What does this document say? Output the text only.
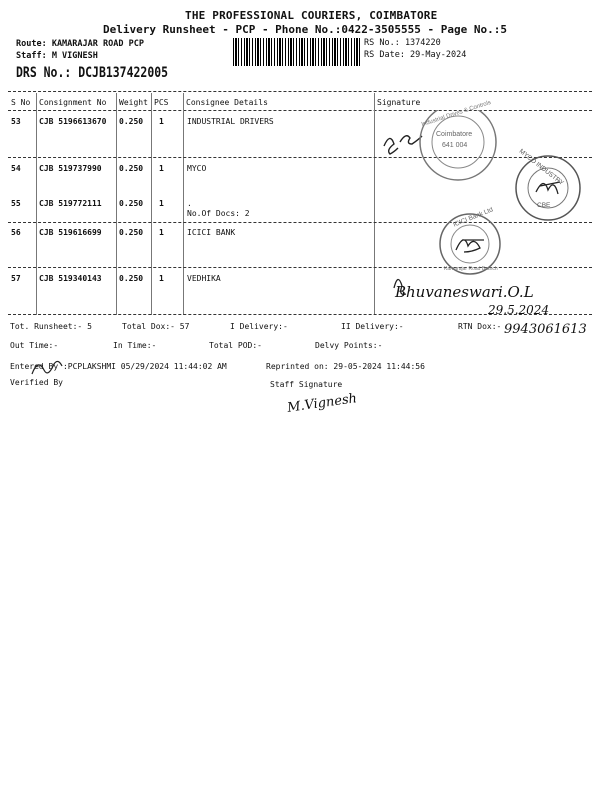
THE PROFESSIONAL COURIERS, COIMBATORE
Delivery Runsheet - PCP - Phone No.:0422-3505555 - Page No.:5
Route: KAMARAJAR ROAD PCP
Staff: M VIGNESH
RS No.: 1374220
RS Date: 29-May-2024
DRS No.: DCJB137422005
S No Consignment No Weight PCS Consignee Details	Signature
53 CJB 5196613670 0.250 1	INDUSTRIAL DRIVERS
54 CJB 519737990 0.250 1	MYCO
55 CJB 519772111 0.250 1	.
No.Of Docs: 2
56 CJB 519616699 0.250 1	ICICI BANK
57 CJB 519340143 0.250 1	VEDHIKA
Coimbatore
641 004
Industrial Drives & Controls
MYCO INDUSTRY
CBE
ICICI Bank Ltd
Kamarajar Road Branch
Bhuvaneswari.O.L
29.5.2024
Tot. Runsheet:- 5	Total Dox:- 57	I Delivery:-	II Delivery:-	RTN Dox:- 9943061613
Out Time:-	In Time:-	Total POD:-	Delvy Points:-
Entered By :PCPLAKSHMI 05/29/2024 11:44:02 AM	Reprinted on: 29-05-2024 11:44:56
Verified By	Staff Signature
M.Vignesh
